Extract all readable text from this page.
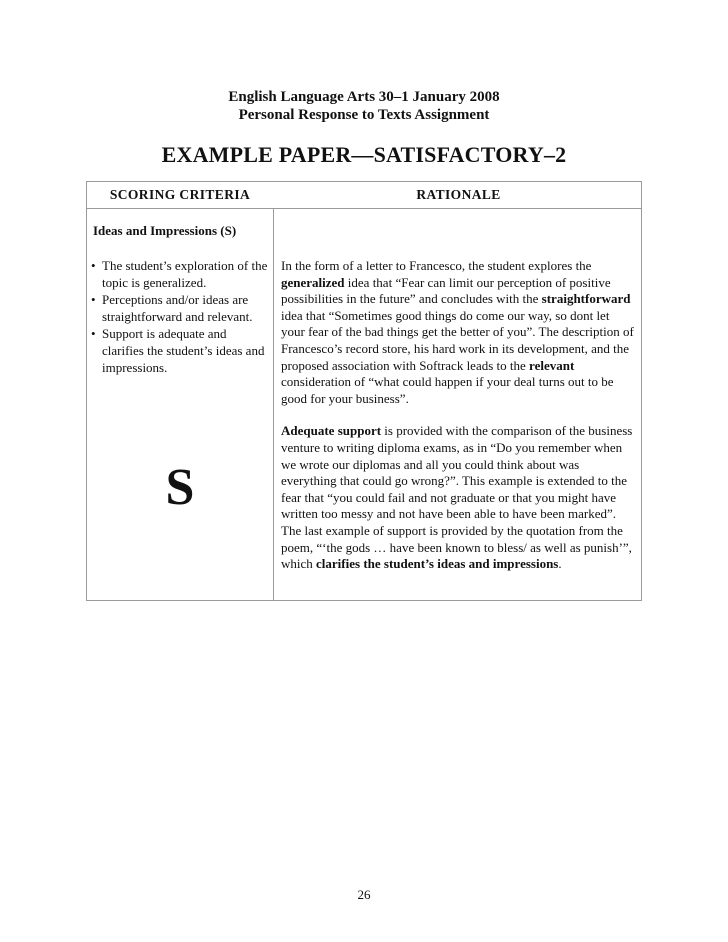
English Language Arts 30–1 January 2008
Personal Response to Texts Assignment
EXAMPLE PAPER—SATISFACTORY–2
SCORING CRITERIA	RATIONALE
Ideas and Impressions (S)
• The student’s exploration of the topic is generalized.
• Perceptions and/or ideas are straightforward and relevant.
• Support is adequate and clarifies the student’s ideas and impressions.
S

In the form of a letter to Francesco, the student explores the generalized idea that “Fear can limit our perception of positive possibilities in the future” and concludes with the straightforward idea that “Sometimes good things do come our way, so dont let your fear of the bad things get the better of you”. The description of Francesco’s record store, his hard work in its development, and the proposed association with Softrack leads to the relevant consideration of “what could happen if your deal turns out to be good for your business”.

Adequate support is provided with the comparison of the business venture to writing diploma exams, as in “Do you remember when we wrote our diplomas and all you could think about was everything that could go wrong?”. This example is extended to the fear that “you could fail and not graduate or that you might have written too messy and not have been able to have been marked”. The last example of support is provided by the quotation from the poem, “‘the gods … have been known to bless/ as well as punish’”, which clarifies the student’s ideas and impressions.

26
